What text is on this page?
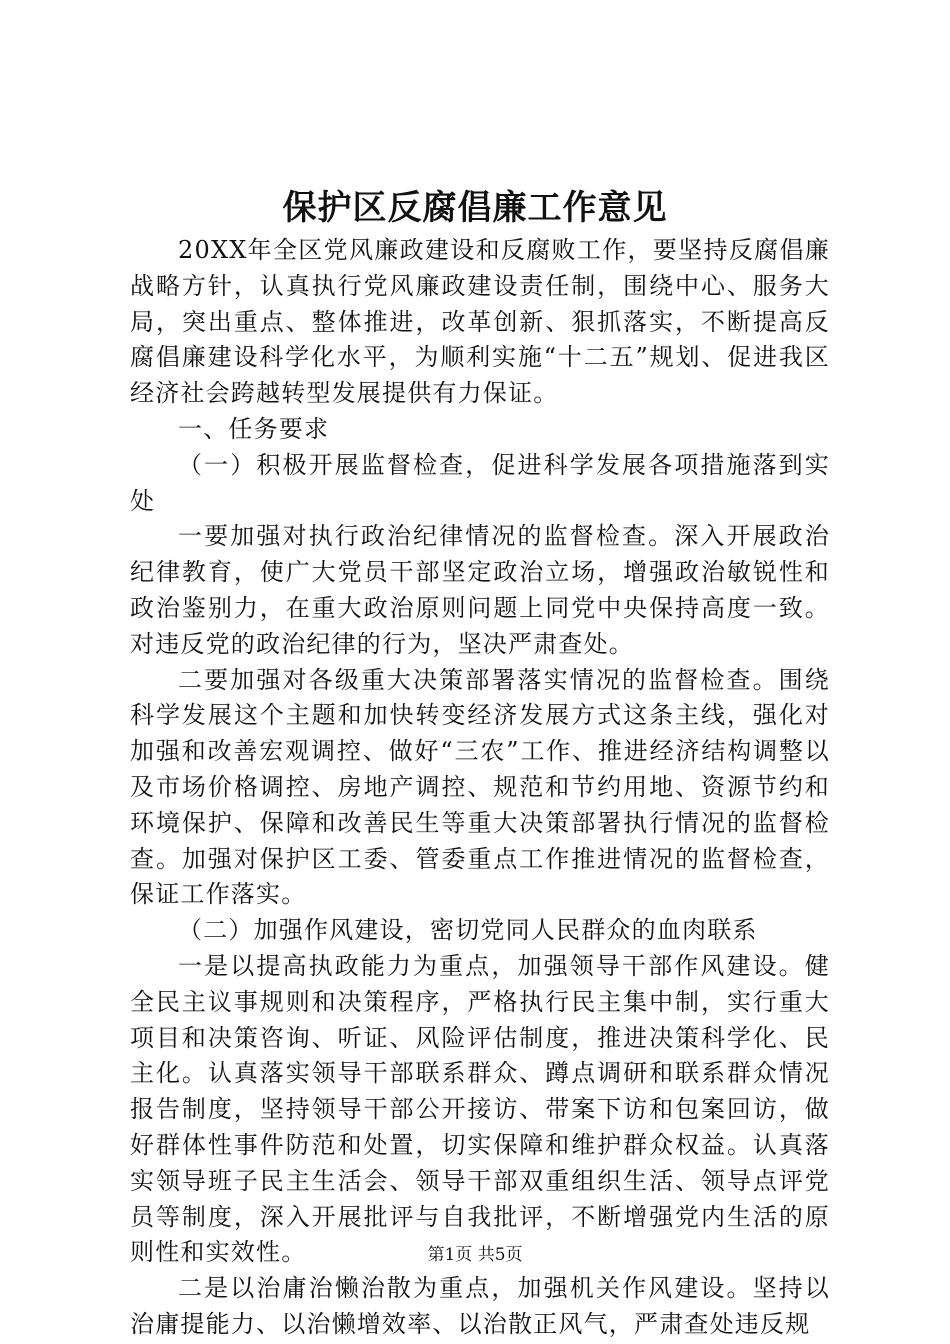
保护区反腐倡廉工作意见

20XX年全区党风廉政建设和反腐败工作，要坚持反腐倡廉战略方针，认真执行党风廉政建设责任制，围绕中心、服务大局，突出重点、整体推进，改革创新、狠抓落实，不断提高反腐倡廉建设科学化水平，为顺利实施“十二五”规划、促进我区经济社会跨越转型发展提供有力保证。

一、任务要求

（一）积极开展监督检查，促进科学发展各项措施落到实处

一要加强对执行政治纪律情况的监督检查。深入开展政治纪律教育，使广大党员干部坚定政治立场，增强政治敏锐性和政治鉴别力，在重大政治原则问题上同党中央保持高度一致。对违反党的政治纪律的行为，坚决严肃查处。

二要加强对各级重大决策部署落实情况的监督检查。围绕科学发展这个主题和加快转变经济发展方式这条主线，强化对加强和改善宏观调控、做好“三农”工作、推进经济结构调整以及市场价格调控、房地产调控、规范和节约用地、资源节约和环境保护、保障和改善民生等重大决策部署执行情况的监督检查。加强对保护区工委、管委重点工作推进情况的监督检查，保证工作落实。

（二）加强作风建设，密切党同人民群众的血肉联系

一是以提高执政能力为重点，加强领导干部作风建设。健全民主议事规则和决策程序，严格执行民主集中制，实行重大项目和决策咨询、听证、风险评估制度，推进决策科学化、民主化。认真落实领导干部联系群众、蹲点调研和联系群众情况报告制度，坚持领导干部公开接访、带案下访和包案回访，做好群体性事件防范和处置，切实保障和维护群众权益。认真落实领导班子民主生活会、领导干部双重组织生活、领导点评党员等制度，深入开展批评与自我批评，不断增强党内生活的原则性和实效性。

二是以治庸治懒治散为重点，加强机关作风建设。坚持以治庸提能力、以治懒增效率、以治散正风气，严肃查处违反规

第1页 共5页
